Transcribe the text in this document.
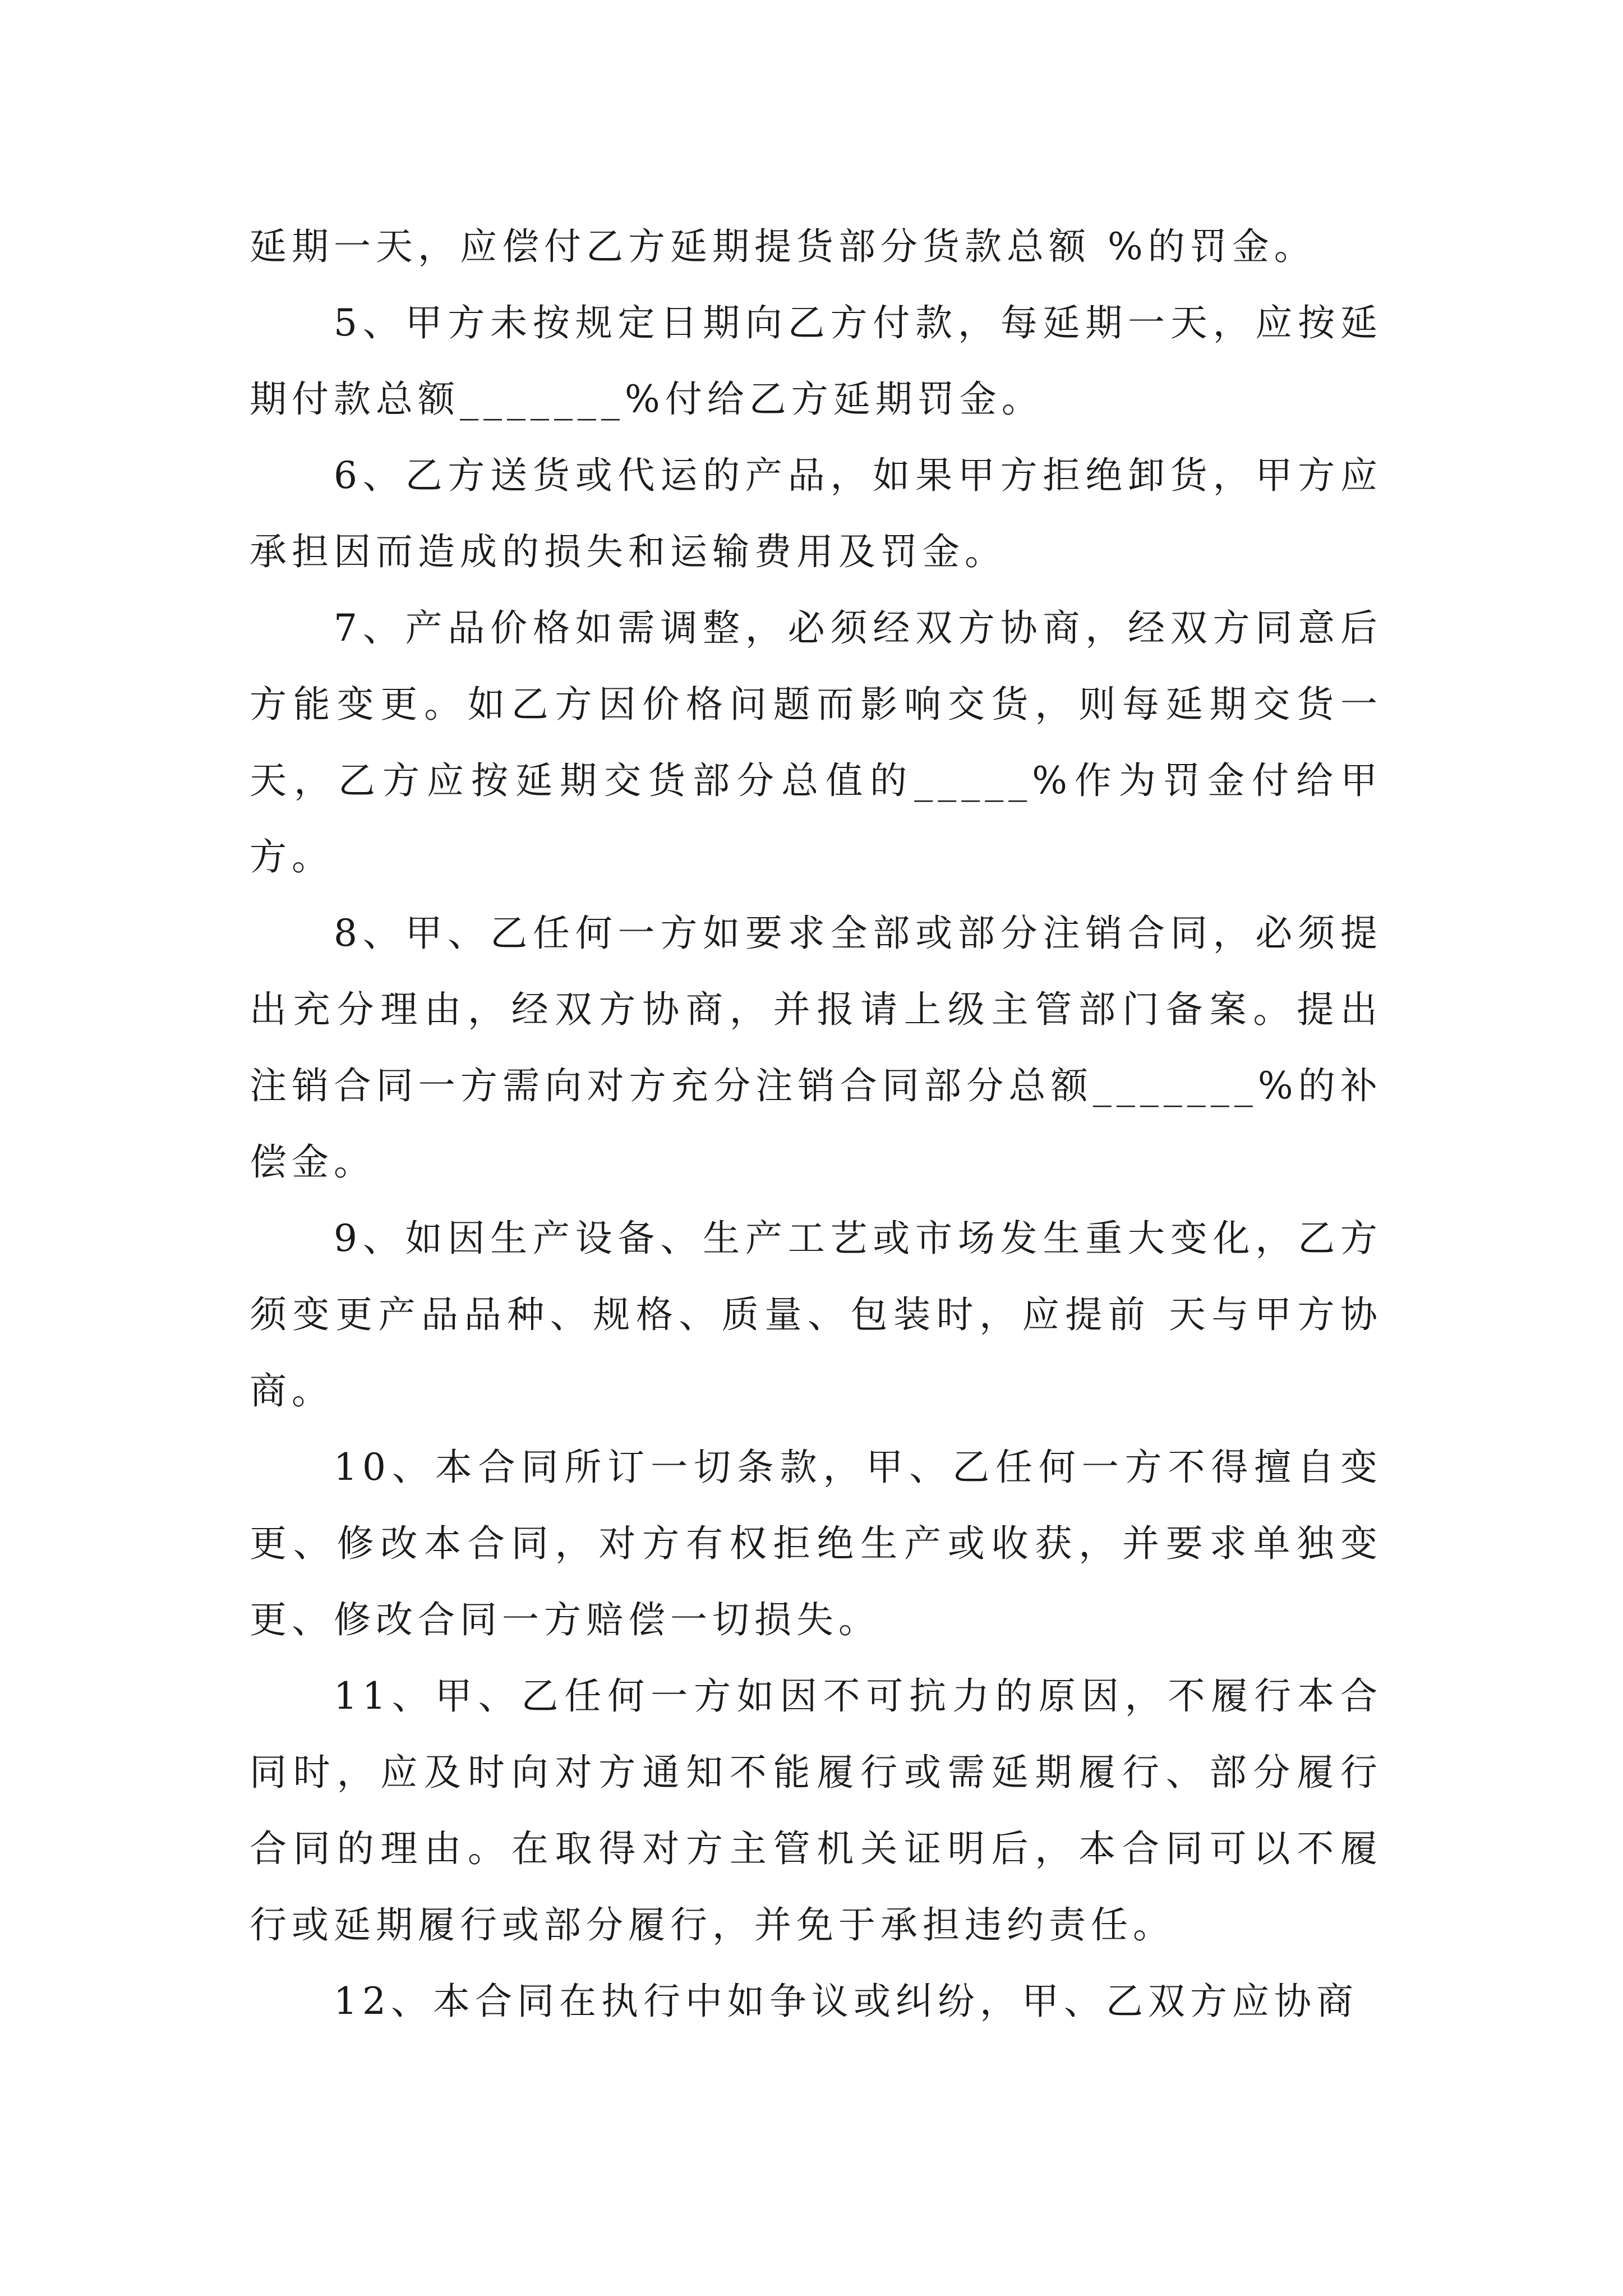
延期一天，应偿付乙方延期提货部分货款总额 %的罚金。

5、甲方未按规定日期向乙方付款，每延期一天，应按延期付款总额_______%付给乙方延期罚金。

6、乙方送货或代运的产品，如果甲方拒绝卸货，甲方应承担因而造成的损失和运输费用及罚金。

7、产品价格如需调整，必须经双方协商，经双方同意后方能变更。如乙方因价格问题而影响交货，则每延期交货一天，乙方应按延期交货部分总值的_____%作为罚金付给甲方。

8、甲、乙任何一方如要求全部或部分注销合同，必须提出充分理由，经双方协商，并报请上级主管部门备案。提出注销合同一方需向对方充分注销合同部分总额_______%的补偿金。

9、如因生产设备、生产工艺或市场发生重大变化，乙方须变更产品品种、规格、质量、包装时，应提前 天与甲方协商。

10、本合同所订一切条款，甲、乙任何一方不得擅自变更、修改本合同，对方有权拒绝生产或收获，并要求单独变更、修改合同一方赔偿一切损失。

11、甲、乙任何一方如因不可抗力的原因，不履行本合同时，应及时向对方通知不能履行或需延期履行、部分履行合同的理由。在取得对方主管机关证明后，本合同可以不履行或延期履行或部分履行，并免于承担违约责任。

12、本合同在执行中如争议或纠纷，甲、乙双方应协商
